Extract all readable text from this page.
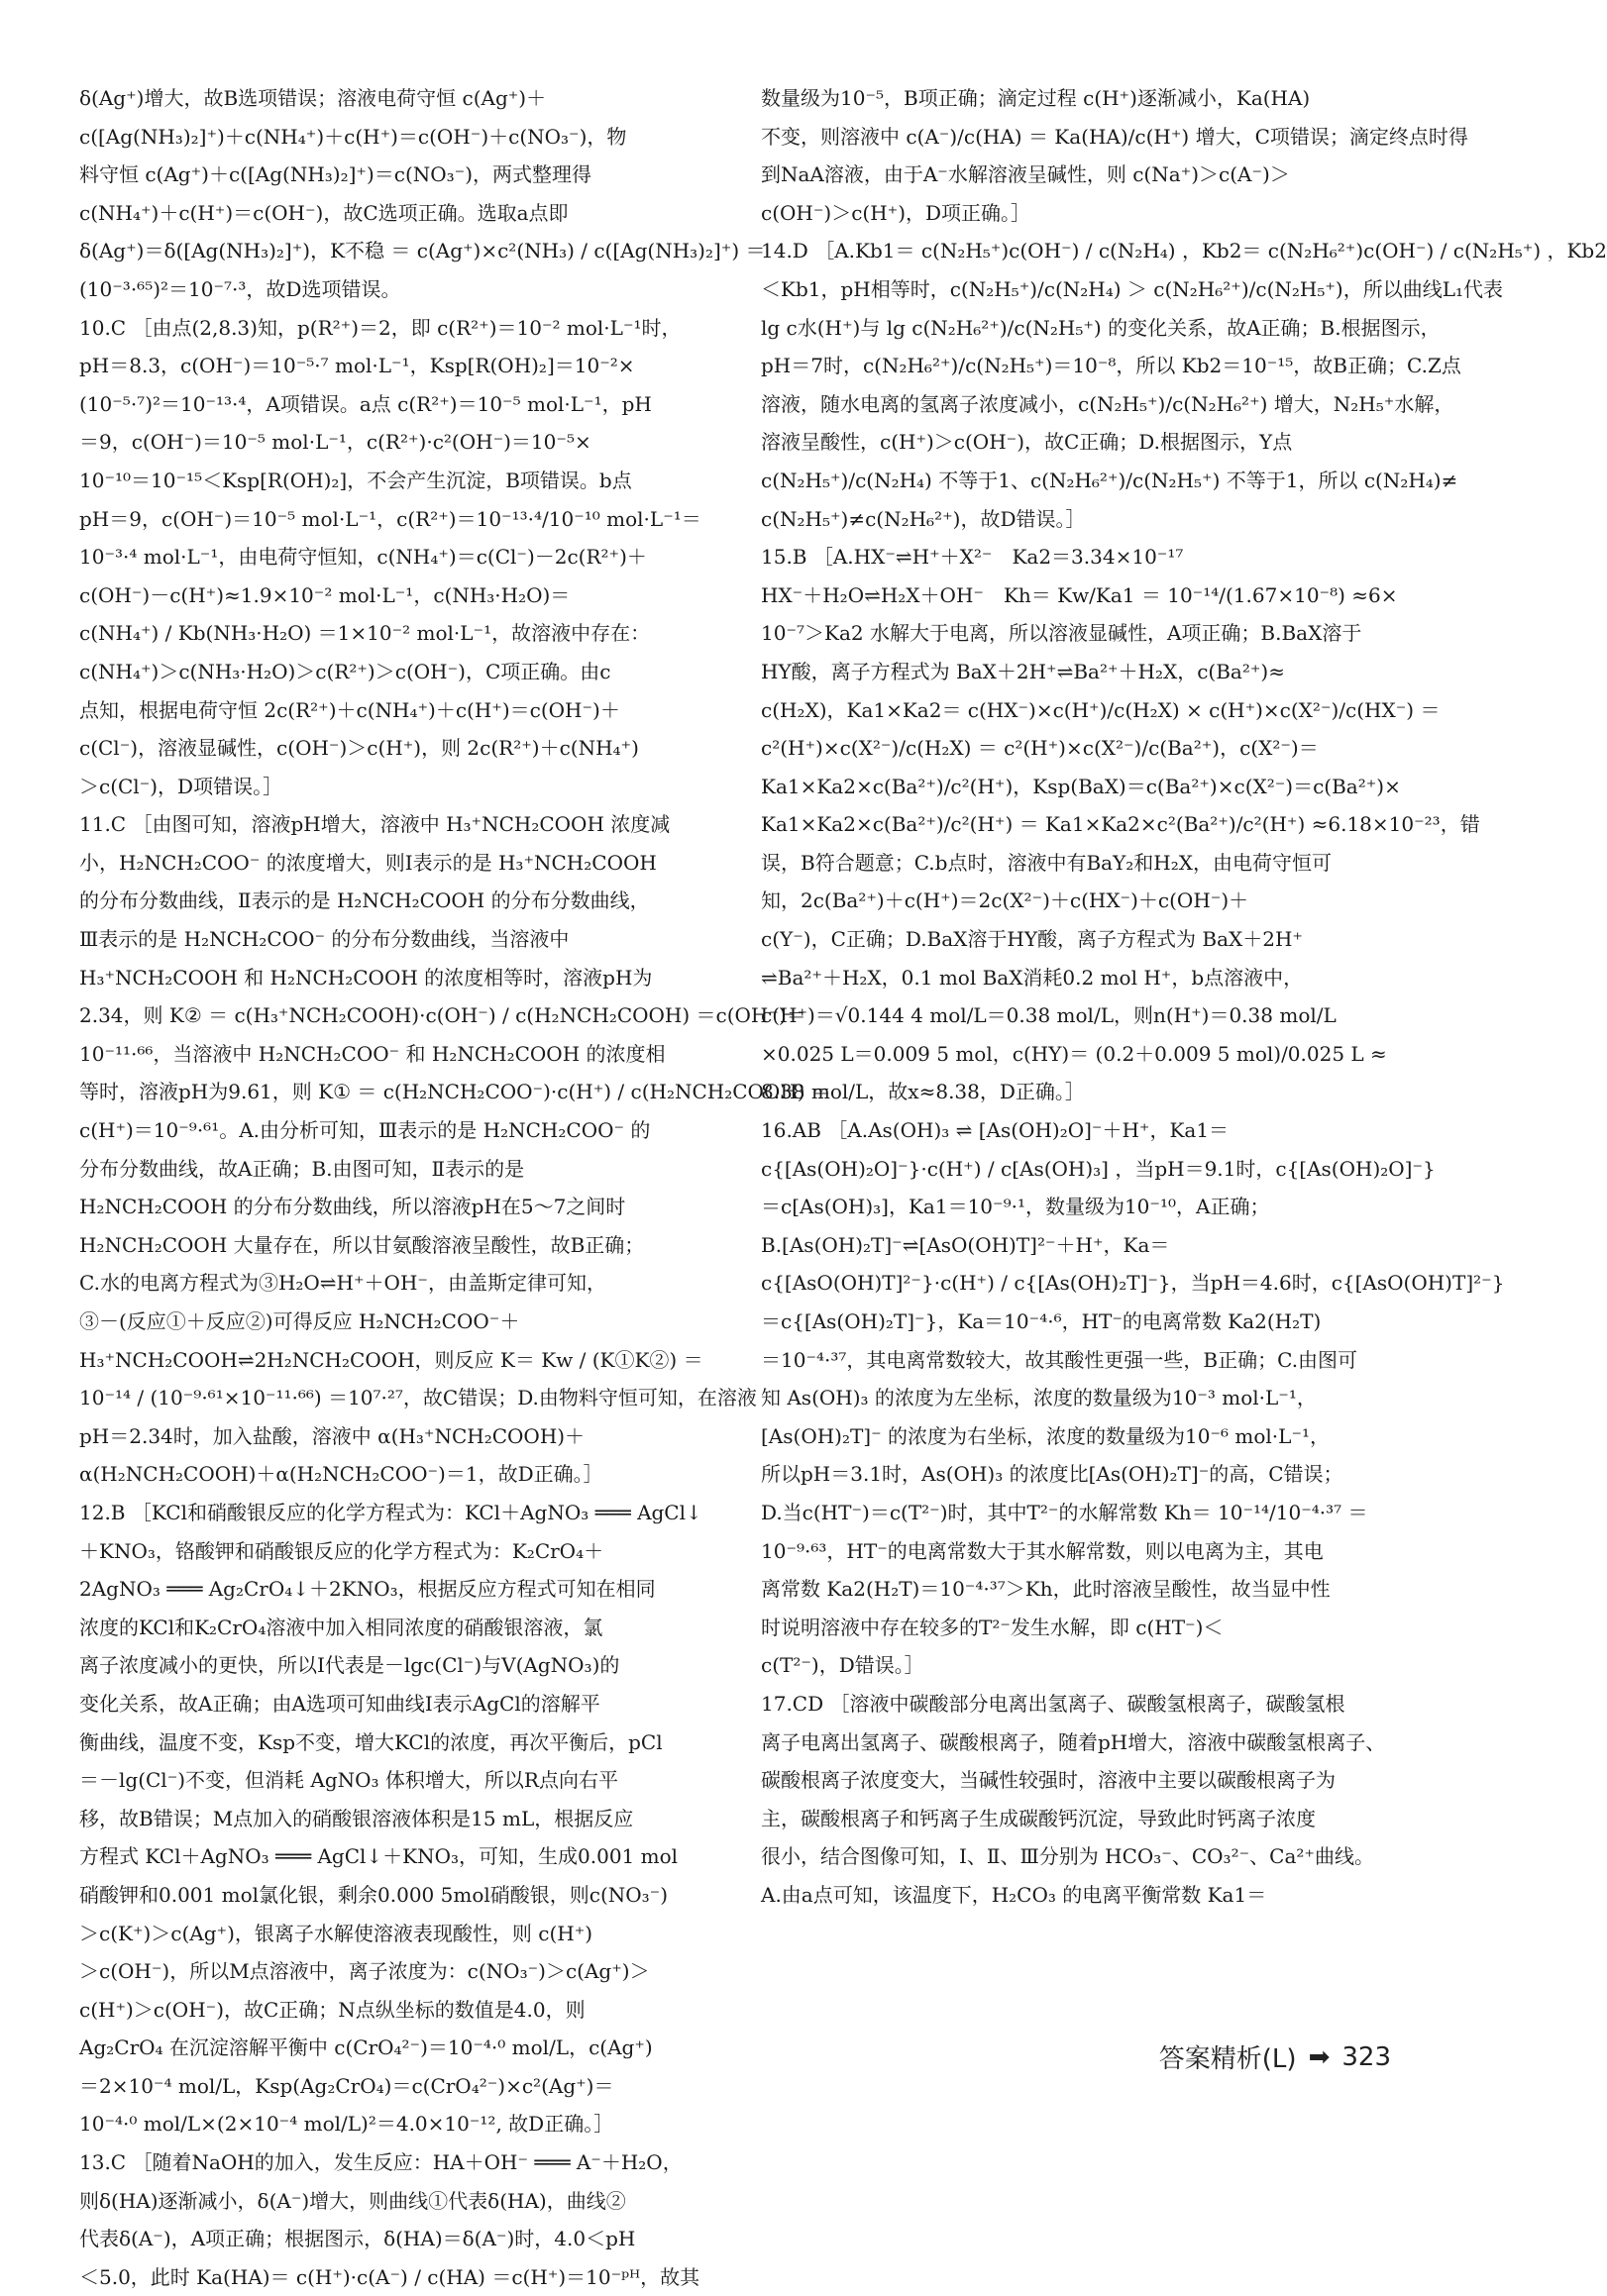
δ(Ag⁺)增大，故B选项错误；溶液电荷守恒 c(Ag⁺)＋
c([Ag(NH₃)₂]⁺)＋c(NH₄⁺)＋c(H⁺)＝c(OH⁻)＋c(NO₃⁻)，物
料守恒 c(Ag⁺)＋c([Ag(NH₃)₂]⁺)＝c(NO₃⁻)，两式整理得
c(NH₄⁺)＋c(H⁺)＝c(OH⁻)，故C选项正确。选取a点即
δ(Ag⁺)＝δ([Ag(NH₃)₂]⁺)，K不稳 ＝ c(Ag⁺)×c²(NH₃) / c([Ag(NH₃)₂]⁺) ＝
(10⁻³·⁶⁵)²＝10⁻⁷·³，故D选项错误。
10.C ［由点(2,8.3)知，p(R²⁺)＝2，即 c(R²⁺)＝10⁻² mol·L⁻¹时，
pH＝8.3，c(OH⁻)＝10⁻⁵·⁷ mol·L⁻¹，Ksp[R(OH)₂]＝10⁻²×
(10⁻⁵·⁷)²＝10⁻¹³·⁴，A项错误。a点 c(R²⁺)＝10⁻⁵ mol·L⁻¹，pH
＝9，c(OH⁻)＝10⁻⁵ mol·L⁻¹，c(R²⁺)·c²(OH⁻)＝10⁻⁵×
10⁻¹⁰＝10⁻¹⁵＜Ksp[R(OH)₂]，不会产生沉淀，B项错误。b点
pH＝9，c(OH⁻)＝10⁻⁵ mol·L⁻¹，c(R²⁺)＝10⁻¹³·⁴/10⁻¹⁰ mol·L⁻¹＝
10⁻³·⁴ mol·L⁻¹，由电荷守恒知，c(NH₄⁺)＝c(Cl⁻)－2c(R²⁺)＋
c(OH⁻)－c(H⁺)≈1.9×10⁻² mol·L⁻¹，c(NH₃·H₂O)＝
c(NH₄⁺) / Kb(NH₃·H₂O) ＝1×10⁻² mol·L⁻¹，故溶液中存在：
c(NH₄⁺)＞c(NH₃·H₂O)＞c(R²⁺)＞c(OH⁻)，C项正确。由c
点知，根据电荷守恒 2c(R²⁺)＋c(NH₄⁺)＋c(H⁺)＝c(OH⁻)＋
c(Cl⁻)，溶液显碱性，c(OH⁻)＞c(H⁺)，则 2c(R²⁺)＋c(NH₄⁺)
＞c(Cl⁻)，D项错误。］
11.C ［由图可知，溶液pH增大，溶液中 H₃⁺NCH₂COOH 浓度减
小，H₂NCH₂COO⁻ 的浓度增大，则Ⅰ表示的是 H₃⁺NCH₂COOH
的分布分数曲线，Ⅱ表示的是 H₂NCH₂COOH 的分布分数曲线，
Ⅲ表示的是 H₂NCH₂COO⁻ 的分布分数曲线，当溶液中
H₃⁺NCH₂COOH 和 H₂NCH₂COOH 的浓度相等时，溶液pH为
2.34，则 K② ＝ c(H₃⁺NCH₂COOH)·c(OH⁻) / c(H₂NCH₂COOH) ＝c(OH⁻)＝
10⁻¹¹·⁶⁶，当溶液中 H₂NCH₂COO⁻ 和 H₂NCH₂COOH 的浓度相
等时，溶液pH为9.61，则 K① ＝ c(H₂NCH₂COO⁻)·c(H⁺) / c(H₂NCH₂COOH) ＝
c(H⁺)＝10⁻⁹·⁶¹。A.由分析可知，Ⅲ表示的是 H₂NCH₂COO⁻ 的
分布分数曲线，故A正确；B.由图可知，Ⅱ表示的是
H₂NCH₂COOH 的分布分数曲线，所以溶液pH在5～7之间时
H₂NCH₂COOH 大量存在，所以甘氨酸溶液呈酸性，故B正确；
C.水的电离方程式为③H₂O⇌H⁺＋OH⁻，由盖斯定律可知，
③－(反应①＋反应②)可得反应 H₂NCH₂COO⁻＋
H₃⁺NCH₂COOH⇌2H₂NCH₂COOH，则反应 K＝ Kw / (K①K②) ＝
10⁻¹⁴ / (10⁻⁹·⁶¹×10⁻¹¹·⁶⁶) ＝10⁷·²⁷，故C错误；D.由物料守恒可知，在溶液
pH＝2.34时，加入盐酸，溶液中 α(H₃⁺NCH₂COOH)＋
α(H₂NCH₂COOH)＋α(H₂NCH₂COO⁻)＝1，故D正确。］
12.B ［KCl和硝酸银反应的化学方程式为：KCl＋AgNO₃ ═══ AgCl↓
＋KNO₃，铬酸钾和硝酸银反应的化学方程式为：K₂CrO₄＋
2AgNO₃ ═══ Ag₂CrO₄↓＋2KNO₃，根据反应方程式可知在相同
浓度的KCl和K₂CrO₄溶液中加入相同浓度的硝酸银溶液，氯
离子浓度减小的更快，所以Ⅰ代表是－lgc(Cl⁻)与V(AgNO₃)的
变化关系，故A正确；由A选项可知曲线Ⅰ表示AgCl的溶解平
衡曲线，温度不变，Ksp不变，增大KCl的浓度，再次平衡后，pCl
＝－lg(Cl⁻)不变，但消耗 AgNO₃ 体积增大，所以R点向右平
移，故B错误；M点加入的硝酸银溶液体积是15 mL，根据反应
方程式 KCl＋AgNO₃ ═══ AgCl↓＋KNO₃，可知，生成0.001 mol
硝酸钾和0.001 mol氯化银，剩余0.000 5mol硝酸银，则c(NO₃⁻)
＞c(K⁺)＞c(Ag⁺)，银离子水解使溶液表现酸性，则 c(H⁺)
＞c(OH⁻)，所以M点溶液中，离子浓度为：c(NO₃⁻)＞c(Ag⁺)＞
c(H⁺)＞c(OH⁻)，故C正确；N点纵坐标的数值是4.0，则
Ag₂CrO₄ 在沉淀溶解平衡中 c(CrO₄²⁻)＝10⁻⁴·⁰ mol/L，c(Ag⁺)
＝2×10⁻⁴ mol/L，Ksp(Ag₂CrO₄)＝c(CrO₄²⁻)×c²(Ag⁺)＝
10⁻⁴·⁰ mol/L×(2×10⁻⁴ mol/L)²＝4.0×10⁻¹², 故D正确。］
13.C ［随着NaOH的加入，发生反应：HA＋OH⁻ ═══ A⁻＋H₂O，
则δ(HA)逐渐减小，δ(A⁻)增大，则曲线①代表δ(HA)，曲线②
代表δ(A⁻)，A项正确；根据图示，δ(HA)＝δ(A⁻)时，4.0＜pH
＜5.0，此时 Ka(HA)＝ c(H⁺)·c(A⁻) / c(HA) ＝c(H⁺)＝10⁻ᵖᴴ，故其
数量级为10⁻⁵，B项正确；滴定过程 c(H⁺)逐渐减小，Ka(HA)
不变，则溶液中 c(A⁻)/c(HA) ＝ Ka(HA)/c(H⁺) 增大，C项错误；滴定终点时得
到NaA溶液，由于A⁻水解溶液呈碱性，则 c(Na⁺)＞c(A⁻)＞
c(OH⁻)＞c(H⁺)，D项正确。］
14.D ［A.Kb1＝ c(N₂H₅⁺)c(OH⁻) / c(N₂H₄) ，Kb2＝ c(N₂H₆²⁺)c(OH⁻) / c(N₂H₅⁺) ，Kb2
＜Kb1，pH相等时，c(N₂H₅⁺)/c(N₂H₄) ＞ c(N₂H₆²⁺)/c(N₂H₅⁺)，所以曲线L₁代表
lg c水(H⁺)与 lg c(N₂H₆²⁺)/c(N₂H₅⁺) 的变化关系，故A正确；B.根据图示，
pH＝7时，c(N₂H₆²⁺)/c(N₂H₅⁺)＝10⁻⁸，所以 Kb2＝10⁻¹⁵，故B正确；C.Z点
溶液，随水电离的氢离子浓度减小，c(N₂H₅⁺)/c(N₂H₆²⁺) 增大，N₂H₅⁺水解，
溶液呈酸性，c(H⁺)＞c(OH⁻)，故C正确；D.根据图示，Y点
c(N₂H₅⁺)/c(N₂H₄) 不等于1、c(N₂H₆²⁺)/c(N₂H₅⁺) 不等于1，所以 c(N₂H₄)≠
c(N₂H₅⁺)≠c(N₂H₆²⁺)，故D错误。］
15.B ［A.HX⁻⇌H⁺＋X²⁻　Ka2＝3.34×10⁻¹⁷
HX⁻＋H₂O⇌H₂X＋OH⁻　Kh＝ Kw/Ka1 ＝ 10⁻¹⁴/(1.67×10⁻⁸) ≈6×
10⁻⁷＞Ka2 水解大于电离，所以溶液显碱性，A项正确；B.BaX溶于
HY酸，离子方程式为 BaX＋2H⁺⇌Ba²⁺＋H₂X，c(Ba²⁺)≈
c(H₂X)，Ka1×Ka2＝ c(HX⁻)×c(H⁺)/c(H₂X) × c(H⁺)×c(X²⁻)/c(HX⁻) ＝
c²(H⁺)×c(X²⁻)/c(H₂X) ＝ c²(H⁺)×c(X²⁻)/c(Ba²⁺)，c(X²⁻)＝
Ka1×Ka2×c(Ba²⁺)/c²(H⁺)，Ksp(BaX)＝c(Ba²⁺)×c(X²⁻)＝c(Ba²⁺)×
Ka1×Ka2×c(Ba²⁺)/c²(H⁺) ＝ Ka1×Ka2×c²(Ba²⁺)/c²(H⁺) ≈6.18×10⁻²³，错
误，B符合题意；C.b点时，溶液中有BaY₂和H₂X，由电荷守恒可
知，2c(Ba²⁺)＋c(H⁺)＝2c(X²⁻)＋c(HX⁻)＋c(OH⁻)＋
c(Y⁻)，C正确；D.BaX溶于HY酸，离子方程式为 BaX＋2H⁺
⇌Ba²⁺＋H₂X，0.1 mol BaX消耗0.2 mol H⁺，b点溶液中，
c(H⁺)＝√0.144 4 mol/L＝0.38 mol/L，则n(H⁺)＝0.38 mol/L
×0.025 L＝0.009 5 mol，c(HY)＝ (0.2＋0.009 5 mol)/0.025 L ≈
8.38 mol/L，故x≈8.38，D正确。］
16.AB ［A.As(OH)₃ ⇌ [As(OH)₂O]⁻＋H⁺，Ka1＝
c{[As(OH)₂O]⁻}·c(H⁺) / c[As(OH)₃] ，当pH＝9.1时，c{[As(OH)₂O]⁻}
＝c[As(OH)₃]，Ka1＝10⁻⁹·¹，数量级为10⁻¹⁰，A正确；
B.[As(OH)₂T]⁻⇌[AsO(OH)T]²⁻＋H⁺，Ka＝
c{[AsO(OH)T]²⁻}·c(H⁺) / c{[As(OH)₂T]⁻}，当pH＝4.6时，c{[AsO(OH)T]²⁻}
＝c{[As(OH)₂T]⁻}，Ka＝10⁻⁴·⁶，HT⁻的电离常数 Ka2(H₂T)
＝10⁻⁴·³⁷，其电离常数较大，故其酸性更强一些，B正确；C.由图可
知 As(OH)₃ 的浓度为左坐标，浓度的数量级为10⁻³ mol·L⁻¹，
[As(OH)₂T]⁻ 的浓度为右坐标，浓度的数量级为10⁻⁶ mol·L⁻¹，
所以pH＝3.1时，As(OH)₃ 的浓度比[As(OH)₂T]⁻的高，C错误；
D.当c(HT⁻)＝c(T²⁻)时，其中T²⁻的水解常数 Kh＝ 10⁻¹⁴/10⁻⁴·³⁷ ＝
10⁻⁹·⁶³，HT⁻的电离常数大于其水解常数，则以电离为主，其电
离常数 Ka2(H₂T)＝10⁻⁴·³⁷＞Kh，此时溶液呈酸性，故当显中性
时说明溶液中存在较多的T²⁻发生水解，即 c(HT⁻)＜
c(T²⁻)，D错误。］
17.CD ［溶液中碳酸部分电离出氢离子、碳酸氢根离子，碳酸氢根
离子电离出氢离子、碳酸根离子，随着pH增大，溶液中碳酸氢根离子、
碳酸根离子浓度变大，当碱性较强时，溶液中主要以碳酸根离子为
主，碳酸根离子和钙离子生成碳酸钙沉淀，导致此时钙离子浓度
很小，结合图像可知，Ⅰ、Ⅱ、Ⅲ分别为 HCO₃⁻、CO₃²⁻、Ca²⁺曲线。
A.由a点可知，该温度下，H₂CO₃ 的电离平衡常数 Ka1＝
答案精析(L) ➡ 323
